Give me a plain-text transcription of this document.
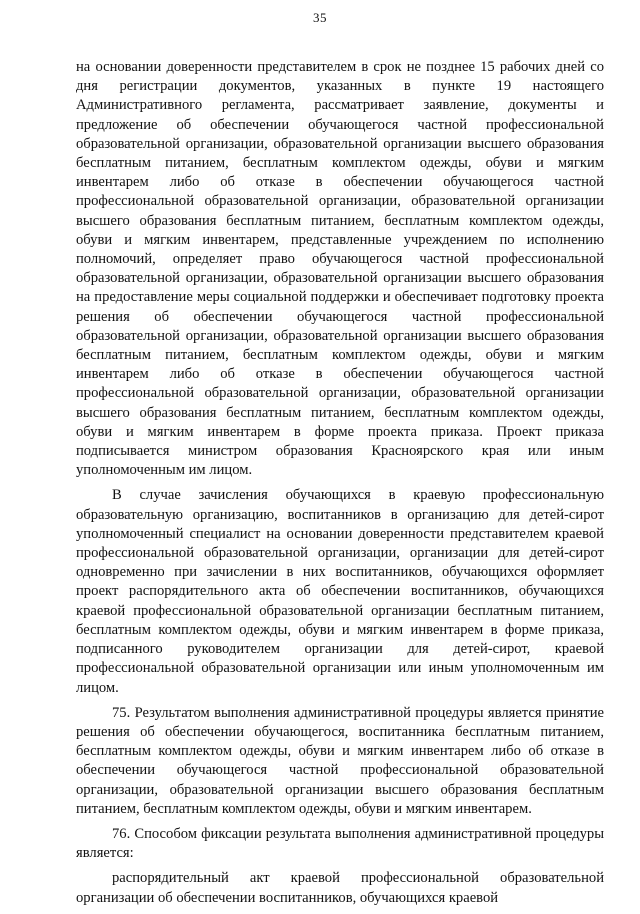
35

на основании доверенности представителем в срок не позднее 15 рабочих дней со дня регистрации документов, указанных в пункте 19 настоящего Административного регламента, рассматривает заявление, документы и предложение об обеспечении обучающегося частной профессиональной образовательной организации, образовательной организации высшего образования бесплатным питанием, бесплатным комплектом одежды, обуви и мягким инвентарем либо об отказе в обеспечении обучающегося частной профессиональной образовательной организации, образовательной организации высшего образования бесплатным питанием, бесплатным комплектом одежды, обуви и мягким инвентарем, представленные учреждением по исполнению полномочий, определяет право обучающегося частной профессиональной образовательной организации, образовательной организации высшего образования на предоставление меры социальной поддержки и обеспечивает подготовку проекта решения об обеспечении обучающегося частной профессиональной образовательной организации, образовательной организации высшего образования бесплатным питанием, бесплатным комплектом одежды, обуви и мягким инвентарем либо об отказе в обеспечении обучающегося частной профессиональной образовательной организации, образовательной организации высшего образования бесплатным питанием, бесплатным комплектом одежды, обуви и мягким инвентарем в форме проекта приказа. Проект приказа подписывается министром образования Красноярского края или иным уполномоченным им лицом.

В случае зачисления обучающихся в краевую профессиональную образовательную организацию, воспитанников в организацию для детей-сирот уполномоченный специалист на основании доверенности представителем краевой профессиональной образовательной организации, организации для детей-сирот одновременно при зачислении в них воспитанников, обучающихся оформляет проект распорядительного акта об обеспечении воспитанников, обучающихся краевой профессиональной образовательной организации бесплатным питанием, бесплатным комплектом одежды, обуви и мягким инвентарем в форме приказа, подписанного руководителем организации для детей-сирот, краевой профессиональной образовательной организации или иным уполномоченным им лицом.

75. Результатом выполнения административной процедуры является принятие решения об обеспечении обучающегося, воспитанника бесплатным питанием, бесплатным комплектом одежды, обуви и мягким инвентарем либо об отказе в обеспечении обучающегося частной профессиональной образовательной организации, образовательной организации высшего образования бесплатным питанием, бесплатным комплектом одежды, обуви и мягким инвентарем.

76. Способом фиксации результата выполнения административной процедуры является:

распорядительный акт краевой профессиональной образовательной организации об обеспечении воспитанников, обучающихся краевой
